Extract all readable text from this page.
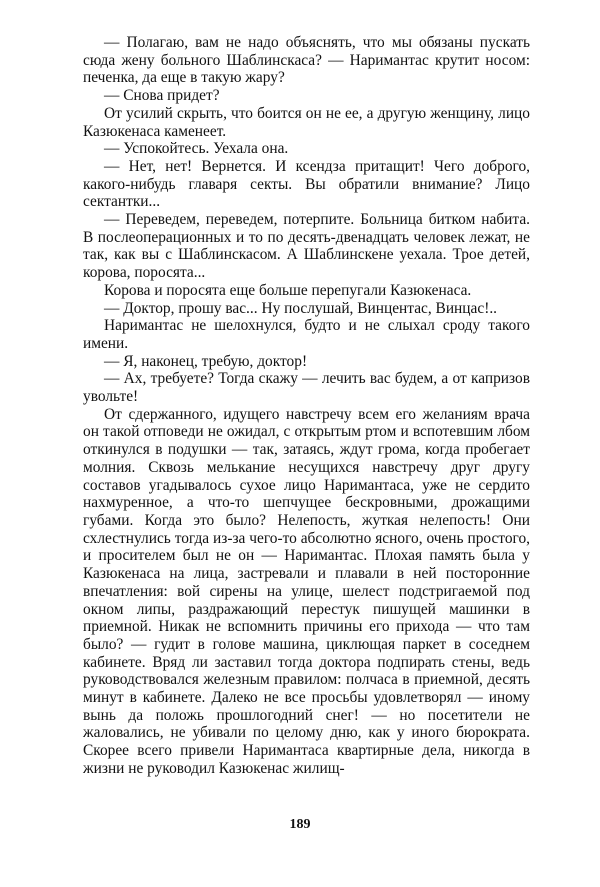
— Полагаю, вам не надо объяснять, что мы обязаны пускать сюда жену больного Шаблинскаса? — Наримантас крутит носом: печенка, да еще в такую жару?

— Снова придет?

От усилий скрыть, что боится он не ее, а другую женщину, лицо Казюкенаса каменеет.

— Успокойтесь. Уехала она.

— Нет, нет! Вернется. И ксендза притащит! Чего доброго, какого-нибудь главаря секты. Вы обратили внимание? Лицо сектантки...

— Переведем, переведем, потерпите. Больница битком набита. В послеоперационных и то по десять-двенадцать человек лежат, не так, как вы с Шаблинскасом. А Шаблинскене уехала. Трое детей, корова, поросята...

Корова и поросята еще больше перепугали Казюкенаса.

— Доктор, прошу вас... Ну послушай, Винцентас, Винцас!..

Наримантас не шелохнулся, будто и не слыхал сроду такого имени.

— Я, наконец, требую, доктор!

— Ах, требуете? Тогда скажу — лечить вас будем, а от капризов увольте!

От сдержанного, идущего навстречу всем его желаниям врача он такой отповеди не ожидал, с открытым ртом и вспотевшим лбом откинулся в подушки — так, затаясь, ждут грома, когда пробегает молния. Сквозь мелькание несущихся навстречу друг другу составов угадывалось сухое лицо Наримантаса, уже не сердито нахмуренное, а что-то шепчущее бескровными, дрожащими губами. Когда это было? Нелепость, жуткая нелепость! Они схлестнулись тогда из-за чего-то абсолютно ясного, очень простого, и просителем был не он — Наримантас. Плохая память была у Казюкенаса на лица, застревали и плавали в ней посторонние впечатления: вой сирены на улице, шелест подстригаемой под окном липы, раздражающий перестук пишущей машинки в приемной. Никак не вспомнить причины его прихода — что там было? — гудит в голове машина, циклющая паркет в соседнем кабинете. Вряд ли заставил тогда доктора подпирать стены, ведь руководствовался железным правилом: полчаса в приемной, десять минут в кабинете. Далеко не все просьбы удовлетворял — иному вынь да положь прошлогодний снег! — но посетители не жаловались, не убивали по целому дню, как у иного бюрократа. Скорее всего привели Наримантаса квартирные дела, никогда в жизни не руководил Казюкенас жилищ-

189
